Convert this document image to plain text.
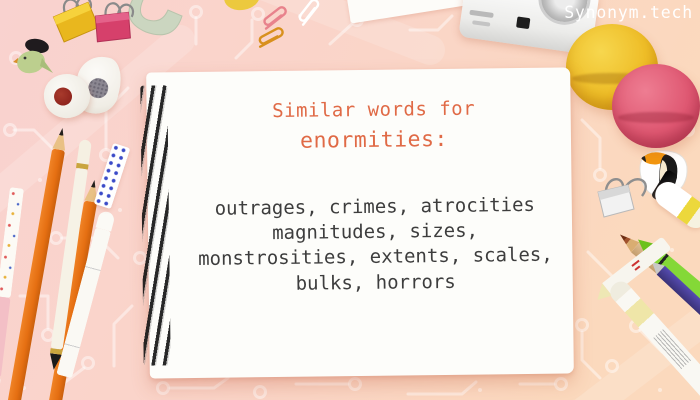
Similar words for
enormities:
outrages, crimes, atrocities
magnitudes, sizes,
monstrosities, extents, scales,
bulks, horrors
Synonym.tech
